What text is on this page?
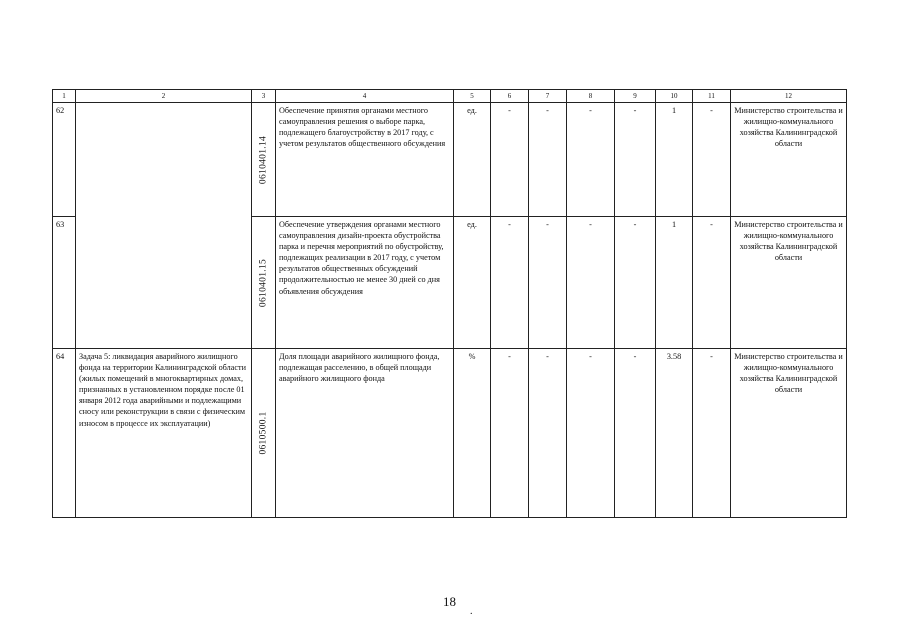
1	2	3	4	5	6	7	8	9	10	11	12
62		0610401.14	Обеспечение принятия органами местного самоуправления решения о выборе парка, подлежащего благоустройству в 2017 году, с учетом результатов общественного обсуждения	ед.	-	-	-	-	1	-	Министерство строительства и жилищно-коммунального хозяйства Калининградской области
63		0610401.15	Обеспечение утверждения органами местного самоуправления дизайн-проекта обустройства парка и перечня мероприятий по обустройству, подлежащих реализации в 2017 году, с учетом результатов общественных обсуждений продолжительностью не менее 30 дней со дня объявления обсуждения	ед.	-	-	-	-	1	-	Министерство строительства и жилищно-коммунального хозяйства Калининградской области
64	Задача 5: ликвидация аварийного жилищного фонда на территории Калининградской области (жилых помещений в многоквартирных домах, признанных в установленном порядке после 01 января 2012 года аварийными и подлежащими сносу или реконструкции в связи с физическим износом в процессе их эксплуатации)	0610500.1	Доля площади аварийного жилищного фонда, подлежащая расселению, в общей площади аварийного жилищного фонда	%	-	-	-	-	3.58	-	Министерство строительства и жилищно-коммунального хозяйства Калининградской области
18
.
